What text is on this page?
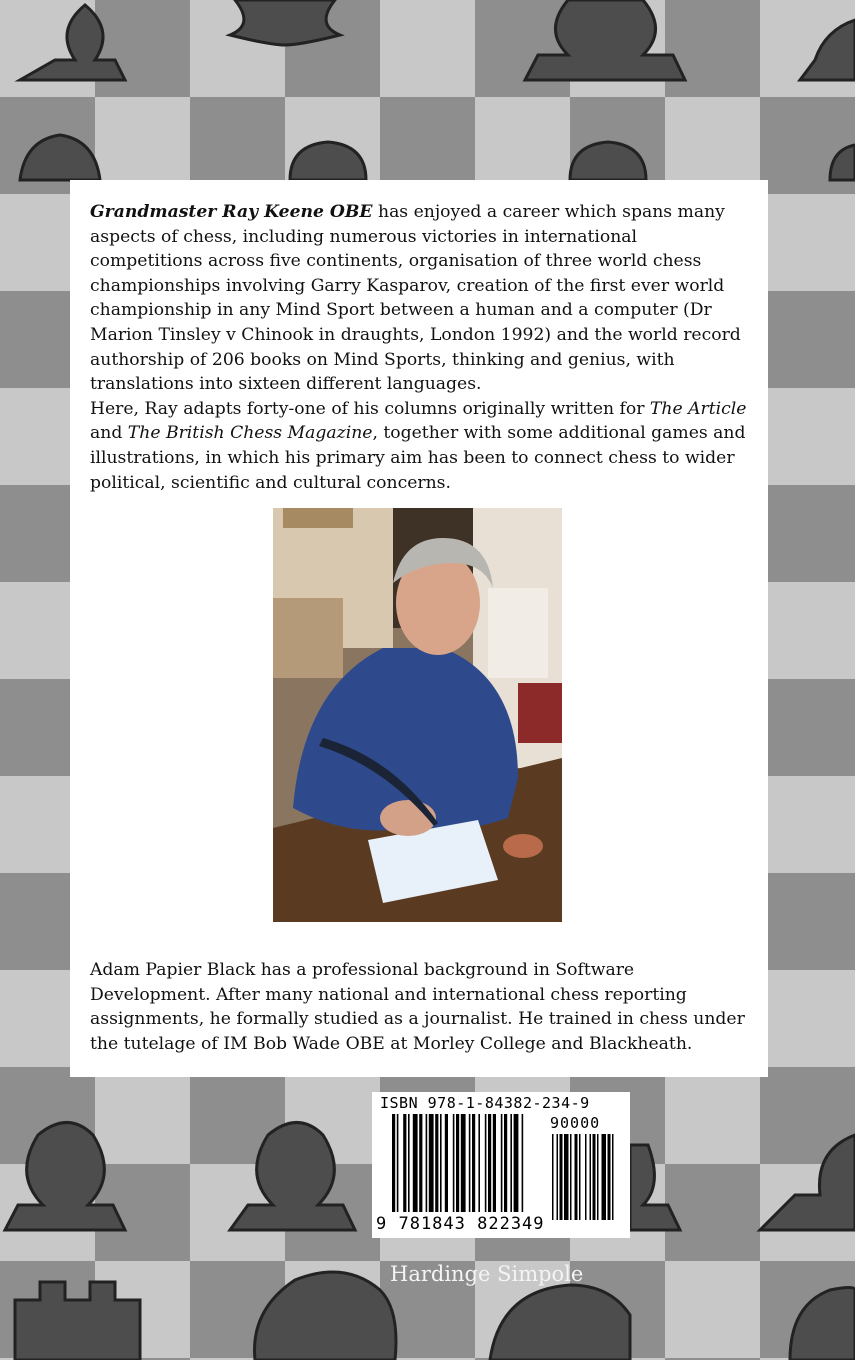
Grandmaster Ray Keene OBE has enjoyed a career which spans many aspects of chess, including numerous victories in international competitions across five continents, organisation of three world chess championships involving Garry Kasparov, creation of the first ever world championship in any Mind Sport between a human and a computer (Dr Marion Tinsley v Chinook in draughts, London 1992) and the world record authorship of 206 books on Mind Sports, thinking and genius, with translations into sixteen different languages.

Here, Ray adapts forty-one of his columns originally written for The Article and The British Chess Magazine, together with some additional games and illustrations, in which his primary aim has been to connect chess to wider political, scientific and cultural concerns.

Adam Papier Black has a professional background in Software Development. After many national and international chess reporting assignments, he formally studied as a journalist. He trained in chess under the tutelage of IM Bob Wade OBE at Morley College and Blackheath.

ISBN 978-1-84382-234-9
90000
9 781843 822349
Hardinge Simpole
